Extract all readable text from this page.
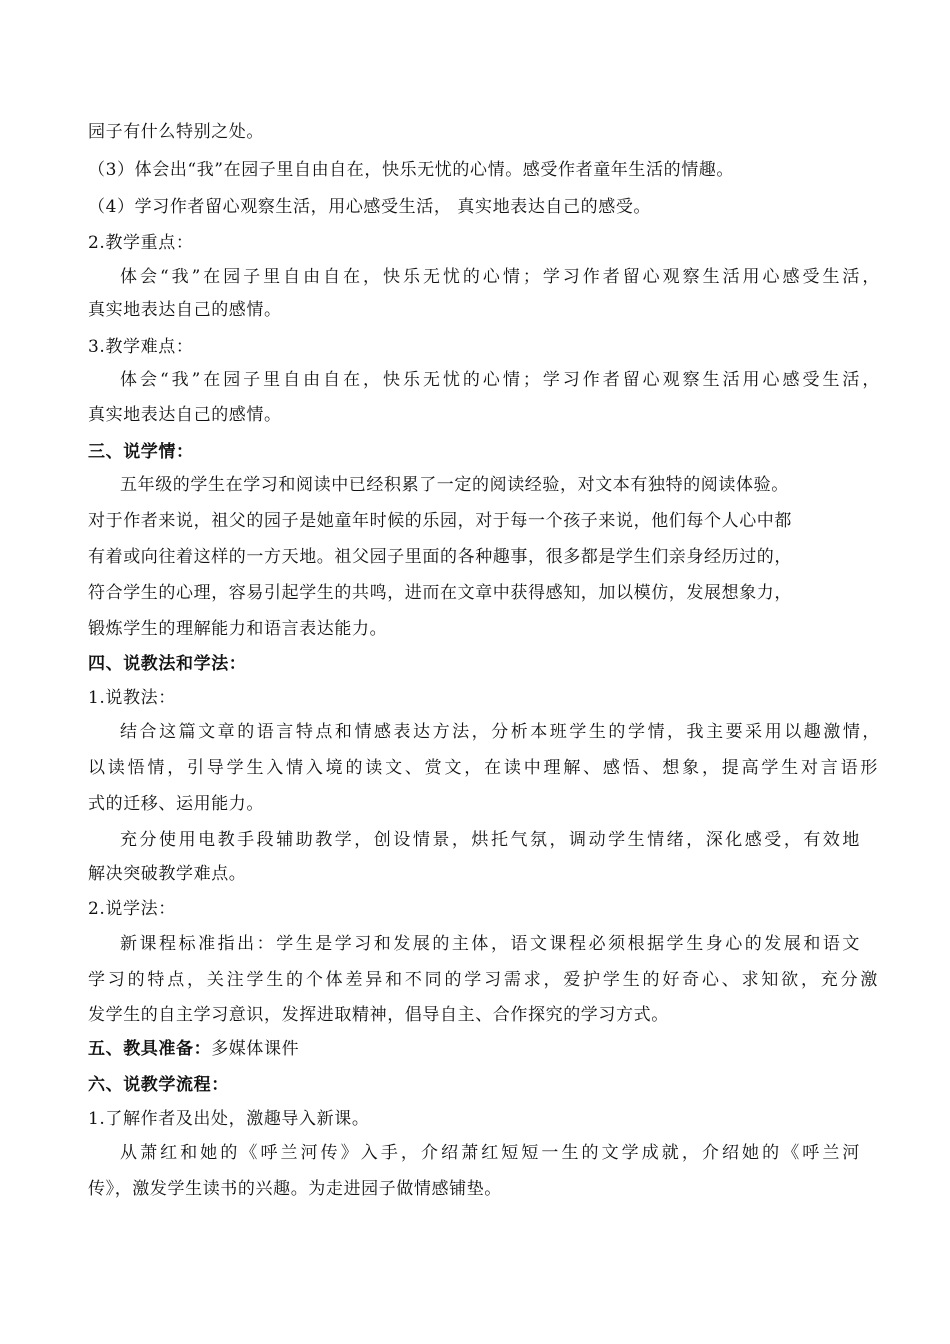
园子有什么特别之处。
（3）体会出“我”在园子里自由自在，快乐无忧的心情。感受作者童年生活的情趣。
（4）学习作者留心观察生活，用心感受生活， 真实地表达自己的感受。
2.教学重点：
体会“我”在园子里自由自在，快乐无忧的心情；学习作者留心观察生活用心感受生活，
真实地表达自己的感情。
3.教学难点：
体会“我”在园子里自由自在，快乐无忧的心情；学习作者留心观察生活用心感受生活，
真实地表达自己的感情。
三、说学情：
五年级的学生在学习和阅读中已经积累了一定的阅读经验，对文本有独特的阅读体验。
对于作者来说，祖父的园子是她童年时候的乐园，对于每一个孩子来说，他们每个人心中都
有着或向往着这样的一方天地。祖父园子里面的各种趣事，很多都是学生们亲身经历过的，
符合学生的心理，容易引起学生的共鸣，进而在文章中获得感知，加以模仿，发展想象力，
锻炼学生的理解能力和语言表达能力。
四、说教法和学法：
1.说教法：
结合这篇文章的语言特点和情感表达方法，分析本班学生的学情，我主要采用以趣激情，
以读悟情，引导学生入情入境的读文、赏文，在读中理解、感悟、想象，提高学生对言语形
式的迁移、运用能力。
充分使用电教手段辅助教学，创设情景，烘托气氛，调动学生情绪，深化感受，有效地
解决突破教学难点。
2.说学法：
新课程标准指出：学生是学习和发展的主体，语文课程必须根据学生身心的发展和语文
学习的特点，关注学生的个体差异和不同的学习需求，爱护学生的好奇心、求知欲，充分激
发学生的自主学习意识，发挥进取精神，倡导自主、合作探究的学习方式。
五、教具准备：多媒体课件
六、说教学流程：
1.了解作者及出处，激趣导入新课。
从萧红和她的《呼兰河传》入手，介绍萧红短短一生的文学成就，介绍她的《呼兰河
传》，激发学生读书的兴趣。为走进园子做情感铺垫。
